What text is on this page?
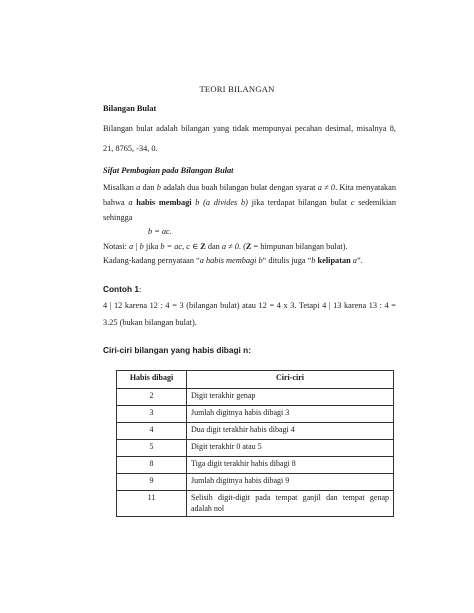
TEORI BILANGAN
Bilangan Bulat
Bilangan bulat adalah bilangan yang tidak mempunyai pecahan desimal, misalnya 8, 21, 8765, -34, 0.
Sifat Pembagian pada Bilangan Bulat
Misalkan a dan b adalah dua buah bilangan bulat dengan syarat a ≠ 0. Kita menyatakan bahwa a habis membagi b (a divides b) jika terdapat bilangan bulat c sedemikian sehingga
b = ac.
Notasi: a | b jika b = ac, c ∈ Z dan a ≠ 0. (Z = himpunan bilangan bulat).
Kadang-kadang pernyataan “a habis membagi b“ ditulis juga “b kelipatan a”.
Contoh 1:
4 | 12 karena 12 : 4 = 3 (bilangan bulat) atau 12 = 4 x 3. Tetapi 4 | 13 karena 13 : 4 = 3.25 (bukan bilangan bulat).
Ciri-ciri bilangan yang habis dibagi n:
Habis dibagi	Ciri-ciri
2	Digit terakhir genap
3	Jumlah digitnya habis dibagi 3
4	Dua digit terakhir habis dibagi 4
5	Digit terakhir 0 atau 5
8	Tiga digit terakhir habis dibagi 8
9	Jumlah digitnya habis dibagi 9
11	Selisih digit-digit pada tempat ganjil dan tempat genap adalah nol
